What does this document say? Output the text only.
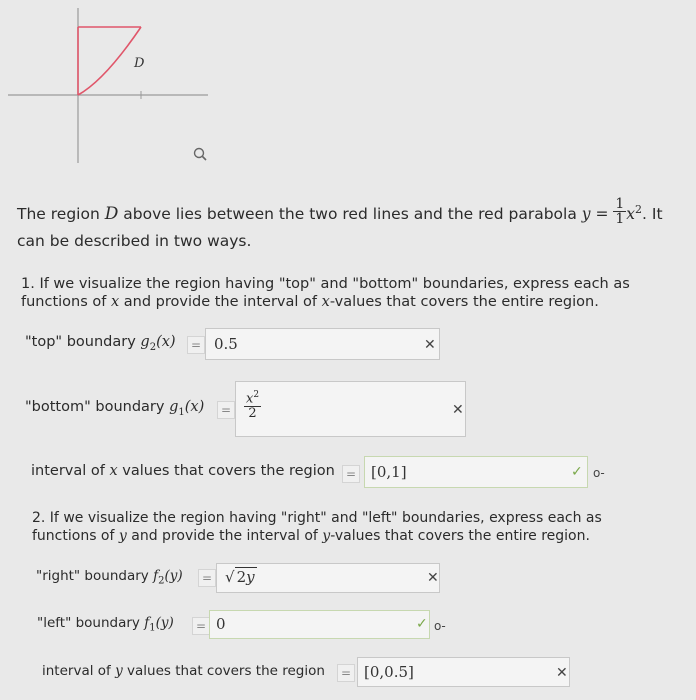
D
The region D above lies between the two red lines and the red parabola $y = \frac{1}{1} x^2$. It
can be described in two ways.
1. If we visualize the region having "top" and "bottom" boundaries, express each as
functions of x and provide the interval of x-values that covers the entire region.
"top" boundary $g_2(x)$	= 0.5	✕
"bottom" boundary $g_1(x)$	= $\frac{x^2}{2}$	✕
interval of x values that covers the region = [0,1]	✓ o‑
2. If we visualize the region having "right" and "left" boundaries, express each as
functions of y and provide the interval of y-values that covers the entire region.
"right" boundary $f_2(y)$	= √ 2y	✕
"left" boundary $f_1(y)$	= 0	✓ o‑
interval of y values that covers the region	= [0,0.5]	✕
